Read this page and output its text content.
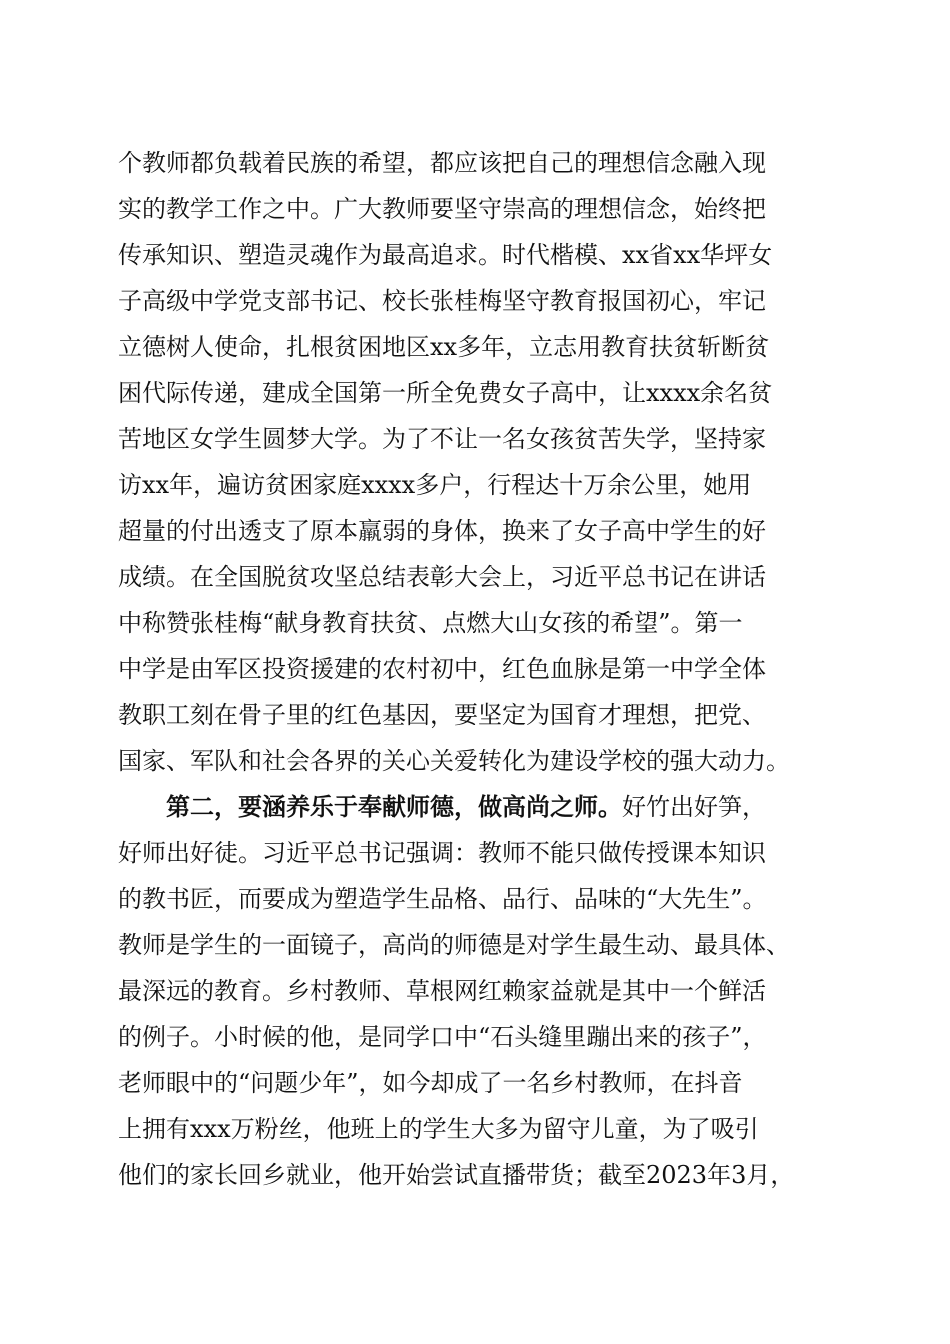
个教师都负载着民族的希望，都应该把自己的理想信念融入现
实的教学工作之中。广大教师要坚守崇高的理想信念，始终把
传承知识、塑造灵魂作为最高追求。时代楷模、xx省xx华坪女
子高级中学党支部书记、校长张桂梅坚守教育报国初心，牢记
立德树人使命，扎根贫困地区xx多年，立志用教育扶贫斩断贫
困代际传递，建成全国第一所全免费女子高中，让xxxx余名贫
苦地区女学生圆梦大学。为了不让一名女孩贫苦失学，坚持家
访xx年，遍访贫困家庭xxxx多户，行程达十万余公里，她用
超量的付出透支了原本羸弱的身体，换来了女子高中学生的好
成绩。在全国脱贫攻坚总结表彰大会上，习近平总书记在讲话
中称赞张桂梅“献身教育扶贫、点燃大山女孩的希望”。第一
中学是由军区投资援建的农村初中，红色血脉是第一中学全体
教职工刻在骨子里的红色基因，要坚定为国育才理想，把党、
国家、军队和社会各界的关心关爱转化为建设学校的强大动力。
第二，要涵养乐于奉献师德，做高尚之师。好竹出好笋，
好师出好徒。习近平总书记强调：教师不能只做传授课本知识
的教书匠，而要成为塑造学生品格、品行、品味的“大先生”。
教师是学生的一面镜子，高尚的师德是对学生最生动、最具体、
最深远的教育。乡村教师、草根网红赖家益就是其中一个鲜活
的例子。小时候的他，是同学口中“石头缝里蹦出来的孩子”，
老师眼中的“问题少年”，如今却成了一名乡村教师，在抖音
上拥有xxx万粉丝，他班上的学生大多为留守儿童，为了吸引
他们的家长回乡就业，他开始尝试直播带货；截至2023年3月，
